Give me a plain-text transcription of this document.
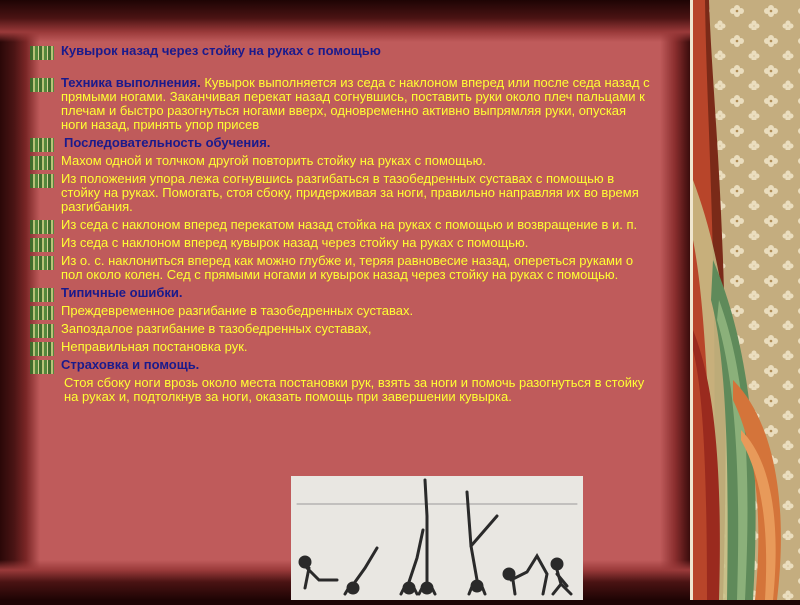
Кувырок назад через стойку на руках с помощью
Техника выполнения. Кувырок выполняется из седа с наклоном вперед или после седа назад с прямыми ногами. Заканчивая перекат назад согнувшись, поставить руки около плеч пальцами к плечам и быстро разогнуться ногами вверх, одновременно активно выпрямляя руки, опуская ноги назад, принять упор присев
Последовательность обучения.
Махом одной и толчком другой повторить стойку на руках с помощью.
Из положения упора лежа согнувшись разгибаться в тазобедренных суставах с помощью в стойку на руках. Помогать, стоя сбоку, придерживая за ноги, правильно направляя их во время разгибания.
Из седа с наклоном вперед перекатом назад стойка на руках с помощью и возвращение в и. п.
Из седа с наклоном вперед кувырок назад через стойку на руках с помощью.
Из о. с. наклониться вперед как можно глубже и, теряя равновесие назад, опереться руками о пол около колен. Сед с прямыми ногами и кувырок назад через стойку на руках с помощью.
Типичные ошибки.
Преждевременное разгибание в тазобедренных суставах.
Запоздалое разгибание в тазобедренных суставах,
Неправильная постановка рук.
Страховка и помощь.
Стоя сбоку ноги врозь около места постановки рук, взять за ноги и помочь разогнуться в стойку на руках и, подтолкнув за ноги, оказать помощь при завершении кувырка.
